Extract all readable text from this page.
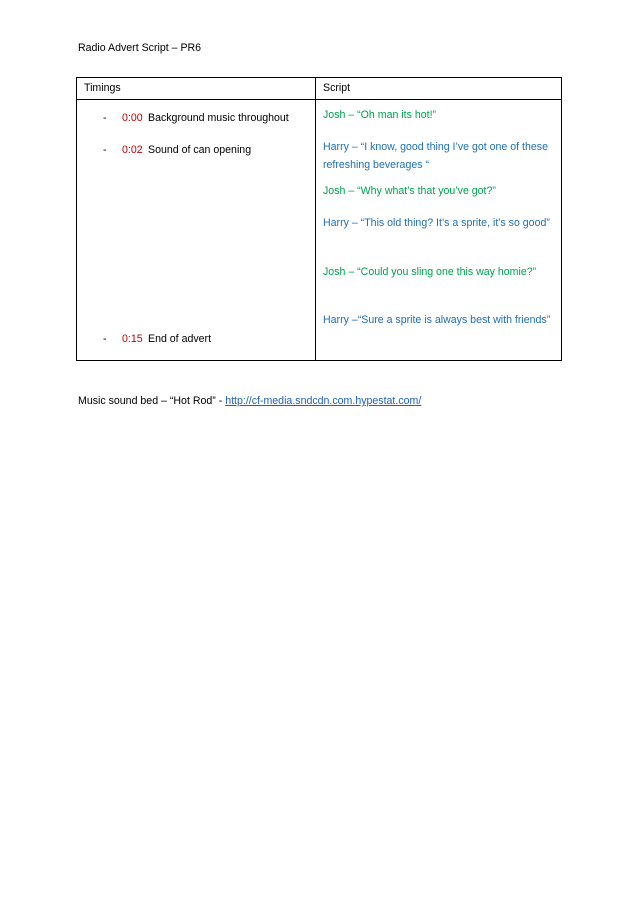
Radio Advert Script – PR6
Timings	Script
- 0:00 Background music throughout
- 0:02 Sound of can opening
- 0:15 End of advert
Josh – “Oh man its hot!”
Harry – “I know, good thing I’ve got one of these refreshing beverages “
Josh – “Why what’s that you’ve got?”
Harry – “This old thing? It’s a sprite, it’s so good”
Josh – “Could you sling one this way homie?”
Harry –“Sure a sprite is always best with friends”
Music sound bed – “Hot Rod” - http://cf-media.sndcdn.com.hypestat.com/
